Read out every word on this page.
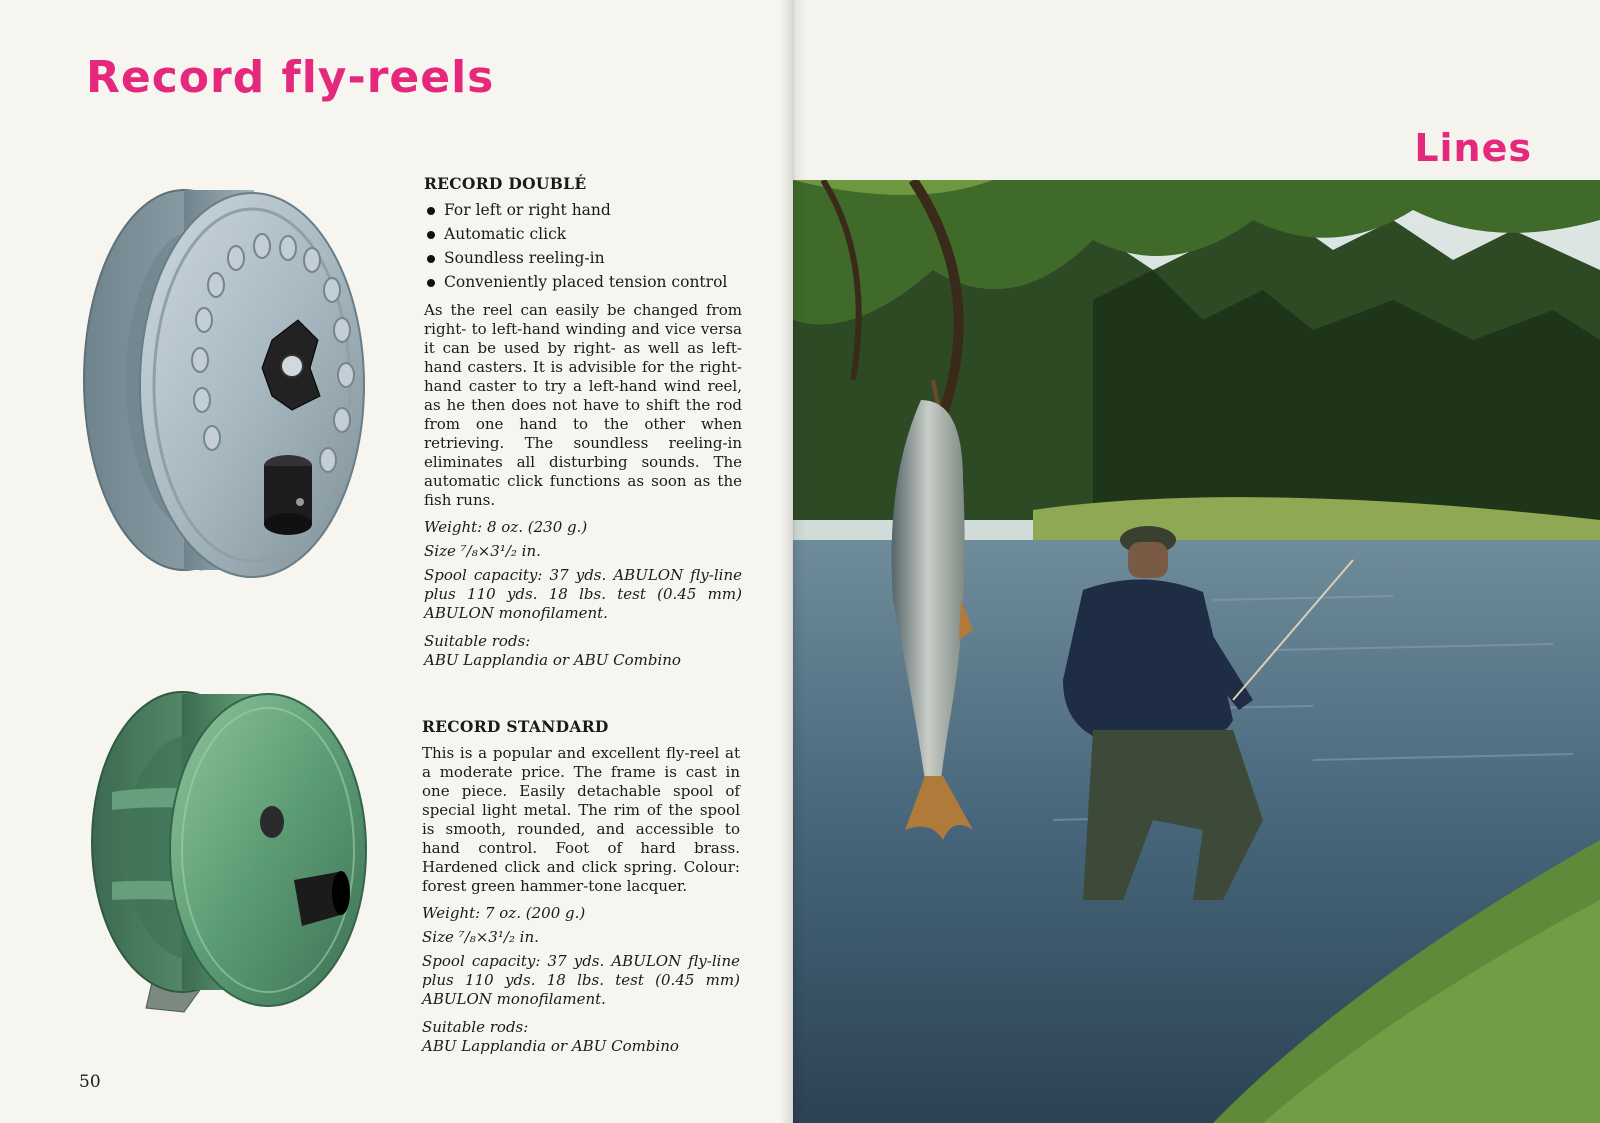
Record fly-reels
RECORD DOUBLÉ
For left or right hand
Automatic click
Soundless reeling-in
Conveniently placed tension control

As the reel can easily be changed from right- to left-hand winding and vice versa it can be used by right- as well as left-hand casters. It is advisible for the right-hand caster to try a left-hand wind reel, as he then does not have to shift the rod from one hand to the other when retrieving. The soundless reeling-in eliminates all disturbing sounds. The automatic click functions as soon as the fish runs.

Weight: 8 oz. (230 g.)

Size ⁷/₈×3¹/₂ in.

Spool capacity: 37 yds. ABULON fly-line plus 110 yds. 18 lbs. test (0.45 mm) ABULON monofilament.

Suitable rods:
ABU Lapplandia or ABU Combino

RECORD STANDARD

This is a popular and excellent fly-reel at a moderate price. The frame is cast in one piece. Easily detachable spool of special light metal. The rim of the spool is smooth, rounded, and accessible to hand control. Foot of hard brass. Hardened click and click spring. Colour: forest green hammer-tone lacquer.

Weight: 7 oz. (200 g.)

Size ⁷/₈×3¹/₂ in.

Spool capacity: 37 yds. ABULON fly-line plus 110 yds. 18 lbs. test (0.45 mm) ABULON monofilament.

Suitable rods:
ABU Lapplandia or ABU Combino

50
Lines
